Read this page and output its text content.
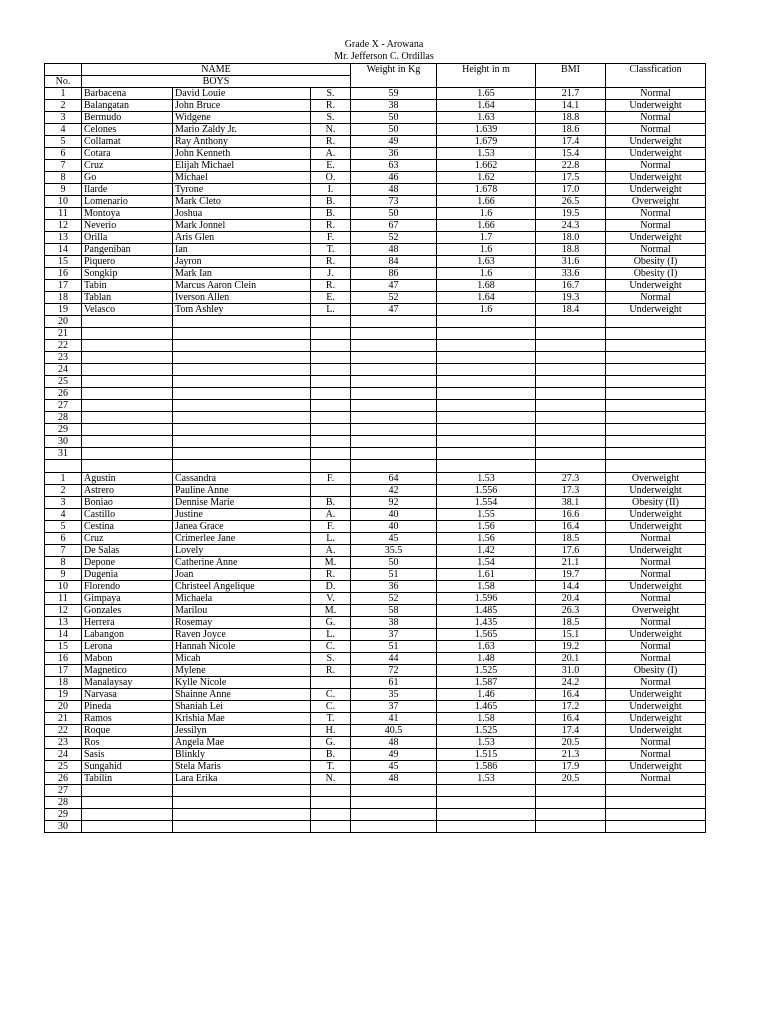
Grade X - Arowana
Mr. Jefferson C. Ordillas
	NAME			Weight in Kg	Height in m	BMI	Classfication
No.	BOYS						
1	Barbacena	David Louie	S.	59	1.65	21.7	Normal
2	Balangatan	John Bruce	R.	38	1.64	14.1	Underweight
3	Bermudo	Widgene	S.	50	1.63	18.8	Normal
4	Celones	Mario Zaldy Jr.	N.	50	1.639	18.6	Normal
5	Collamat	Ray Anthony	R.	49	1.679	17.4	Underweight
6	Cotara	John Kenneth	A.	36	1.53	15.4	Underweight
7	Cruz	Elijah Michael	E.	63	1.662	22.8	Normal
8	Go	Michael	O.	46	1.62	17.5	Underweight
9	Ilarde	Tyrone	I.	48	1.678	17.0	Underweight
10	Lomenario	Mark Cleto	B.	73	1.66	26.5	Overweight
11	Montoya	Joshua	B.	50	1.6	19.5	Normal
12	Neverio	Mark Jonnel	R.	67	1.66	24.3	Normal
13	Orilla	Aris Glen	F.	52	1.7	18.0	Underweight
14	Pangeniban	Ian	T.	48	1.6	18.8	Normal
15	Piquero	Jayron	R.	84	1.63	31.6	Obesity (I)
16	Songkip	Mark Ian	J.	86	1.6	33.6	Obesity (I)
17	Tabin	Marcus Aaron Clein	R.	47	1.68	16.7	Underweight
18	Tablan	Iverson Allen	E.	52	1.64	19.3	Normal
19	Velasco	Tom Ashley	L.	47	1.6	18.4	Underweight
20							
21							
22							
23							
24							
25							
26							
27							
28							
29							
30							
31							

1	Agustin	Cassandra	F.	64	1.53	27.3	Overweight
2	Astrero	Pauline Anne		42	1.556	17.3	Underweight
3	Boniao	Dennise Marie	B.	92	1.554	38.1	Obesity (II)
4	Castillo	Justine	A.	40	1.55	16.6	Underweight
5	Cestina	Janea Grace	F.	40	1.56	16.4	Underweight
6	Cruz	Crimerlee Jane	L.	45	1.56	18.5	Normal
7	De Salas	Lovely	A.	35.5	1.42	17.6	Underweight
8	Depone	Catherine Anne	M.	50	1.54	21.1	Normal
9	Dugenia	Joan	R.	51	1.61	19.7	Normal
10	Florendo	Christeel Angelique	D.	36	1.58	14.4	Underweight
11	Gimpaya	Michaela	V.	52	1.596	20.4	Normal
12	Gonzales	Marilou	M.	58	1.485	26.3	Overweight
13	Herrera	Rosemay	G.	38	1.435	18.5	Normal
14	Labangon	Raven Joyce	L.	37	1.565	15.1	Underweight
15	Lerona	Hannah Nicole	C.	51	1.63	19.2	Normal
16	Mabon	Micah	S.	44	1.48	20.1	Normal
17	Magnetico	Mylene	R.	72	1.525	31.0	Obesity (I)
18	Manalaysay	Kylle Nicole		61	1.587	24.2	Normal
19	Narvasa	Shainne Anne	C.	35	1.46	16.4	Underweight
20	Pineda	Shaniah Lei	C.	37	1.465	17.2	Underweight
21	Ramos	Krishia Mae	T.	41	1.58	16.4	Underweight
22	Roque	Jessilyn	H.	40.5	1.525	17.4	Underweight
23	Ros	Angela Mae	G.	48	1.53	20.5	Normal
24	Sasis	Blinkly	B.	49	1.515	21.3	Normal
25	Sungahid	Stela Maris	T.	45	1.586	17.9	Underweight
26	Tabilin	Lara Erika	N.	48	1.53	20.5	Normal
27							
28							
29							
30							
